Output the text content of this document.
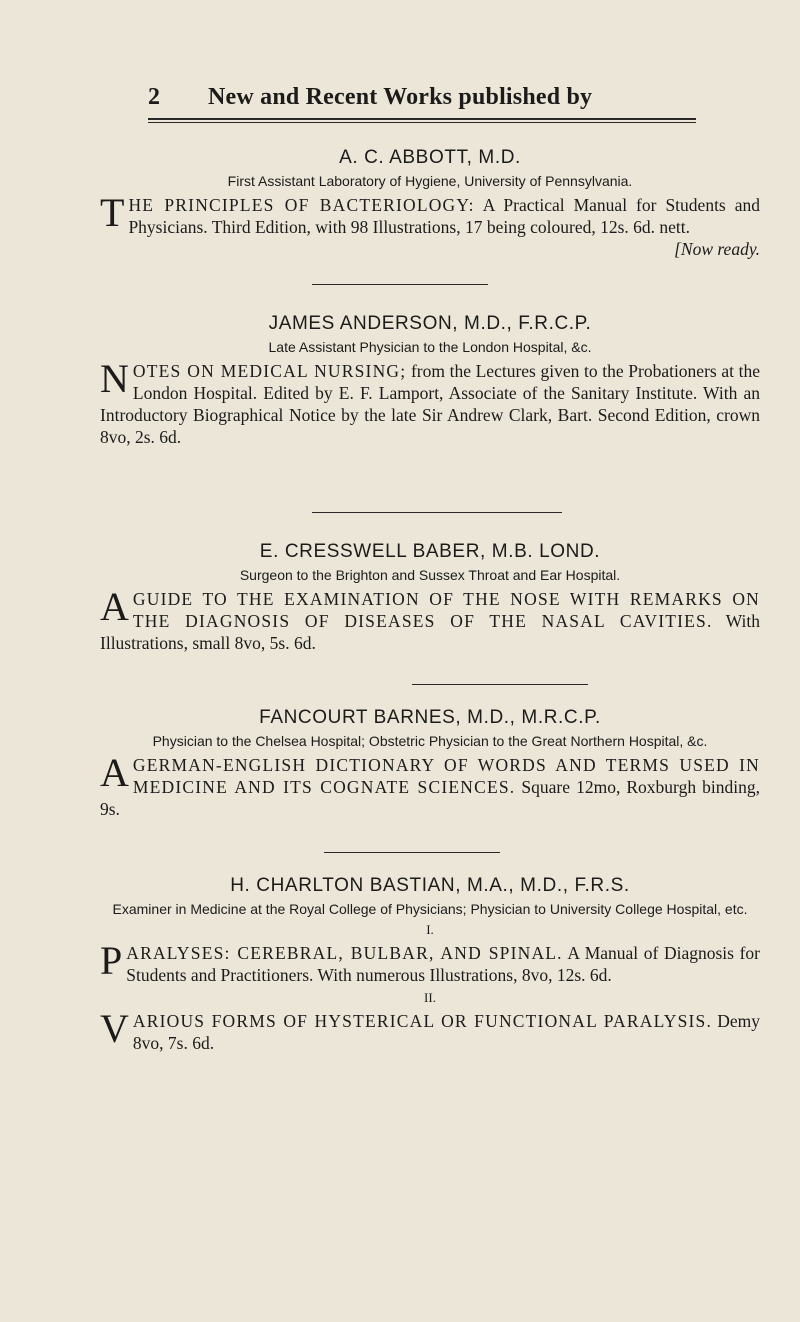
2 New and Recent Works published by

A. C. ABBOTT, M.D.

First Assistant Laboratory of Hygiene, University of Pennsylvania.

THE PRINCIPLES OF BACTERIOLOGY: A Practical Manual for Students and Physicians. Third Edition, with 98 Illustrations, 17 being coloured, 12s. 6d. nett.

[Now ready.

JAMES ANDERSON, M.D., F.R.C.P.

Late Assistant Physician to the London Hospital, &c.

NOTES ON MEDICAL NURSING; from the Lectures given to the Probationers at the London Hospital. Edited by E. F. Lamport, Associate of the Sanitary Institute. With an Introductory Biographical Notice by the late Sir Andrew Clark, Bart. Second Edition, crown 8vo, 2s. 6d.

E. CRESSWELL BABER, M.B. LOND.

Surgeon to the Brighton and Sussex Throat and Ear Hospital.

AGUIDE TO THE EXAMINATION OF THE NOSE WITH REMARKS ON THE DIAGNOSIS OF DISEASES OF THE NASAL CAVITIES. With Illustrations, small 8vo, 5s. 6d.

FANCOURT BARNES, M.D., M.R.C.P.

Physician to the Chelsea Hospital; Obstetric Physician to the Great Northern Hospital, &c.

AGERMAN-ENGLISH DICTIONARY OF WORDS AND TERMS USED IN MEDICINE AND ITS COGNATE SCIENCES. Square 12mo, Roxburgh binding, 9s.

H. CHARLTON BASTIAN, M.A., M.D., F.R.S.

Examiner in Medicine at the Royal College of Physicians; Physician to University College Hospital, etc.

I.

PARALYSES: CEREBRAL, BULBAR, AND SPINAL. A Manual of Diagnosis for Students and Practitioners. With numerous Illustrations, 8vo, 12s. 6d.

II.

VARIOUS FORMS OF HYSTERICAL OR FUNCTIONAL PARALYSIS. Demy 8vo, 7s. 6d.
